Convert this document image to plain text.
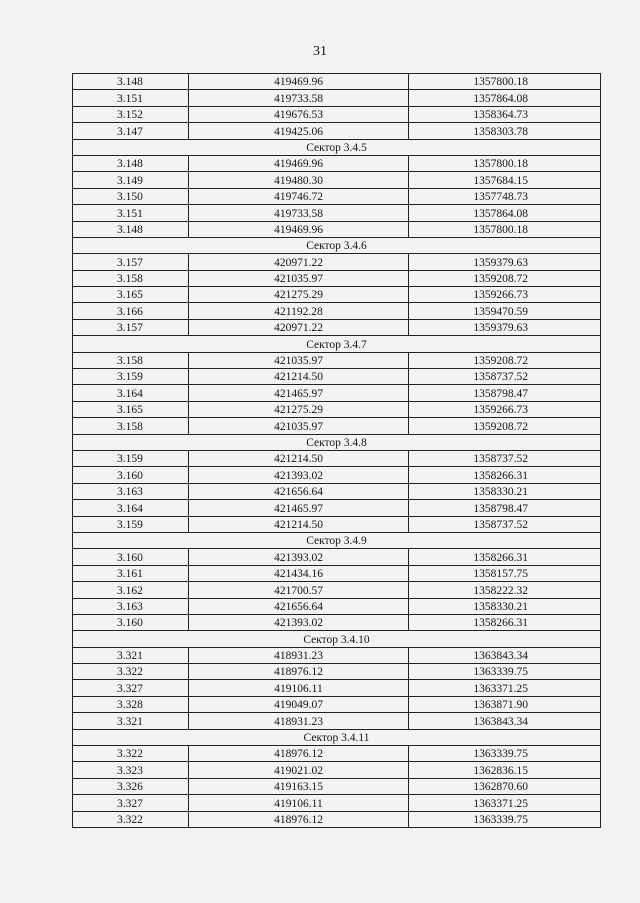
31
3.148	419469.96	1357800.18
3.151	419733.58	1357864.08
3.152	419676.53	1358364.73
3.147	419425.06	1358303.78
Сектор 3.4.5		
3.148	419469.96	1357800.18
3.149	419480.30	1357684.15
3.150	419746.72	1357748.73
3.151	419733.58	1357864.08
3.148	419469.96	1357800.18
Сектор 3.4.6		
3.157	420971.22	1359379.63
3.158	421035.97	1359208.72
3.165	421275.29	1359266.73
3.166	421192.28	1359470.59
3.157	420971.22	1359379.63
Сектор 3.4.7		
3.158	421035.97	1359208.72
3.159	421214.50	1358737.52
3.164	421465.97	1358798.47
3.165	421275.29	1359266.73
3.158	421035.97	1359208.72
Сектор 3.4.8		
3.159	421214.50	1358737.52
3.160	421393.02	1358266.31
3.163	421656.64	1358330.21
3.164	421465.97	1358798.47
3.159	421214.50	1358737.52
Сектор 3.4.9		
3.160	421393.02	1358266.31
3.161	421434.16	1358157.75
3.162	421700.57	1358222.32
3.163	421656.64	1358330.21
3.160	421393.02	1358266.31
Сектор 3.4.10		
3.321	418931.23	1363843.34
3.322	418976.12	1363339.75
3.327	419106.11	1363371.25
3.328	419049.07	1363871.90
3.321	418931.23	1363843.34
Сектор 3.4.11		
3.322	418976.12	1363339.75
3.323	419021.02	1362836.15
3.326	419163.15	1362870.60
3.327	419106.11	1363371.25
3.322	418976.12	1363339.75
